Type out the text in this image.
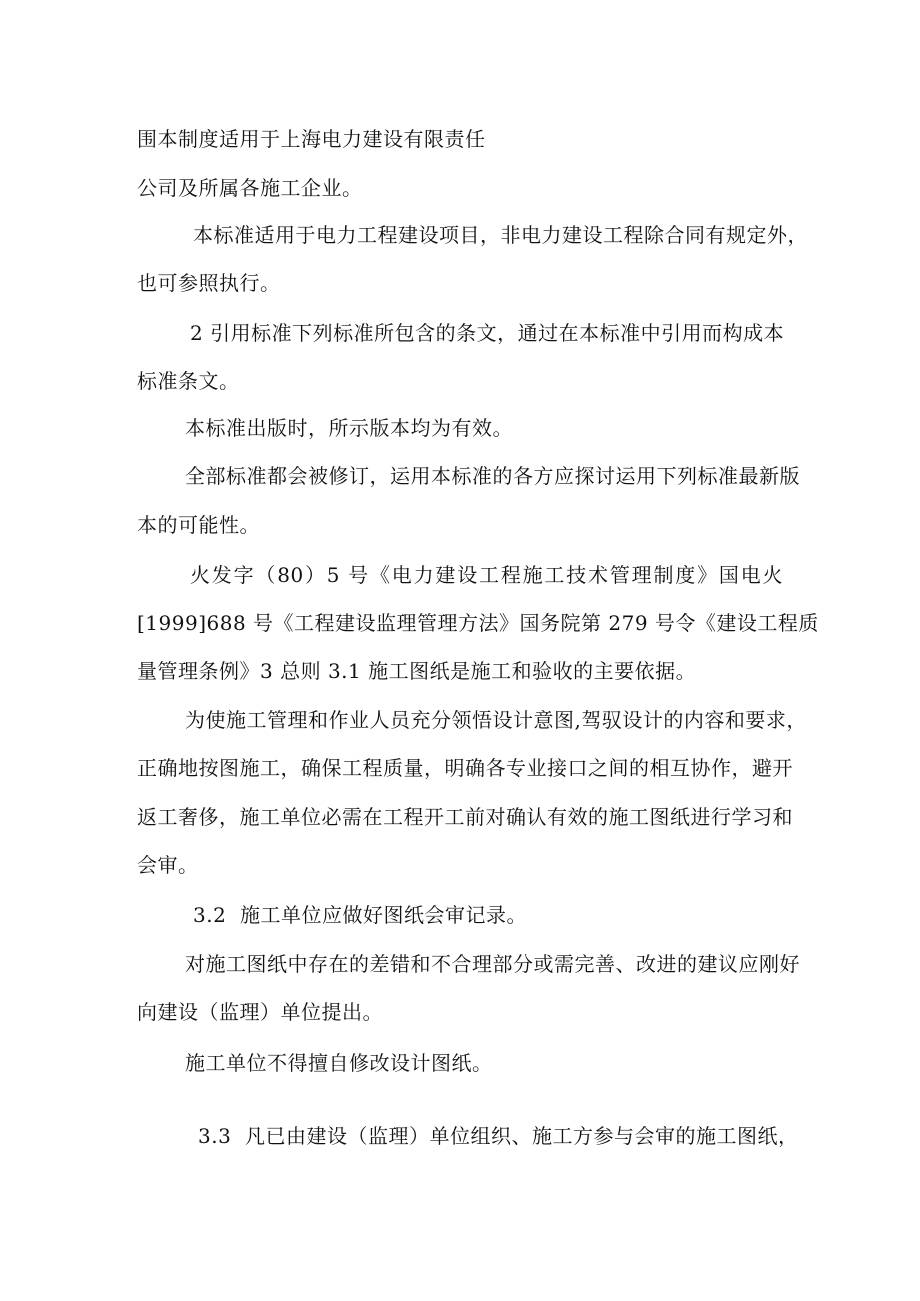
围本制度适用于上海电力建设有限责任
公司及所属各施工企业。
本标准适用于电力工程建设项目，非电力建设工程除合同有规定外，
也可参照执行。
2 引用标准下列标准所包含的条文，通过在本标准中引用而构成本
标准条文。
本标准出版时，所示版本均为有效。
全部标准都会被修订，运用本标准的各方应探讨运用下列标准最新版
本的可能性。
火发字（80）5 号《电力建设工程施工技术管理制度》国电火
[1999]688 号《工程建设监理管理方法》国务院第 279 号令《建设工程质
量管理条例》3 总则 3.1 施工图纸是施工和验收的主要依据。
为使施工管理和作业人员充分领悟设计意图,驾驭设计的内容和要求，
正确地按图施工，确保工程质量，明确各专业接口之间的相互协作，避开
返工奢侈，施工单位必需在工程开工前对确认有效的施工图纸进行学习和
会审。
3.2  施工单位应做好图纸会审记录。
对施工图纸中存在的差错和不合理部分或需完善、改进的建议应刚好
向建设（监理）单位提出。
施工单位不得擅自修改设计图纸。
3.3  凡已由建设（监理）单位组织、施工方参与会审的施工图纸，
